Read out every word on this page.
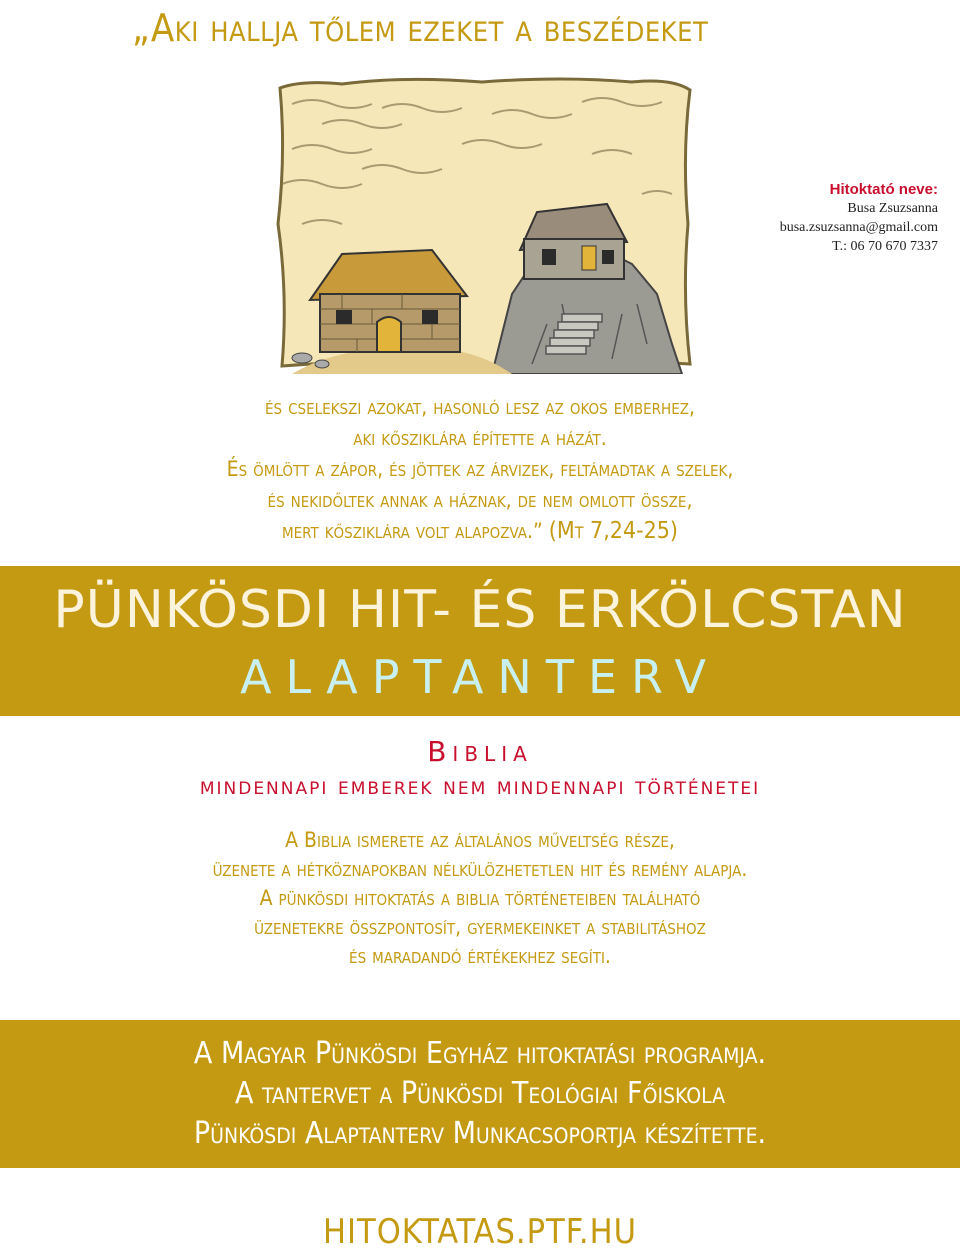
„Aki hallja tőlem ezeket a beszédeket
Hitoktató neve:
Busa Zsuzsanna
busa.zsuzsanna@gmail.com
T.: 06 70 670 7337
és cselekszi azokat, hasonló lesz az okos emberhez,
aki kősziklára építette a házát.
És ömlött a zápor, és jöttek az árvizek, feltámadtak a szelek,
és nekidőltek annak a háznak, de nem omlott össze,
mert kősziklára volt alapozva.” (Mt 7,24-25)
PÜNKÖSDI HIT- ÉS ERKÖLCSTAN
ALAPTANTERV
Biblia
mindennapi emberek nem mindennapi történetei
A Biblia ismerete az általános műveltség része,
üzenete a hétköznapokban nélkülözhetetlen hit és remény alapja.
A pünkösdi hitoktatás a biblia történeteiben található
üzenetekre összpontosít, gyermekeinket a stabilitáshoz
és maradandó értékekhez segíti.
A Magyar Pünkösdi Egyház hitoktatási programja.
A tantervet a Pünkösdi Teológiai Főiskola
Pünkösdi Alaptanterv Munkacsoportja készítette.
HITOKTATAS.PTF.HU
